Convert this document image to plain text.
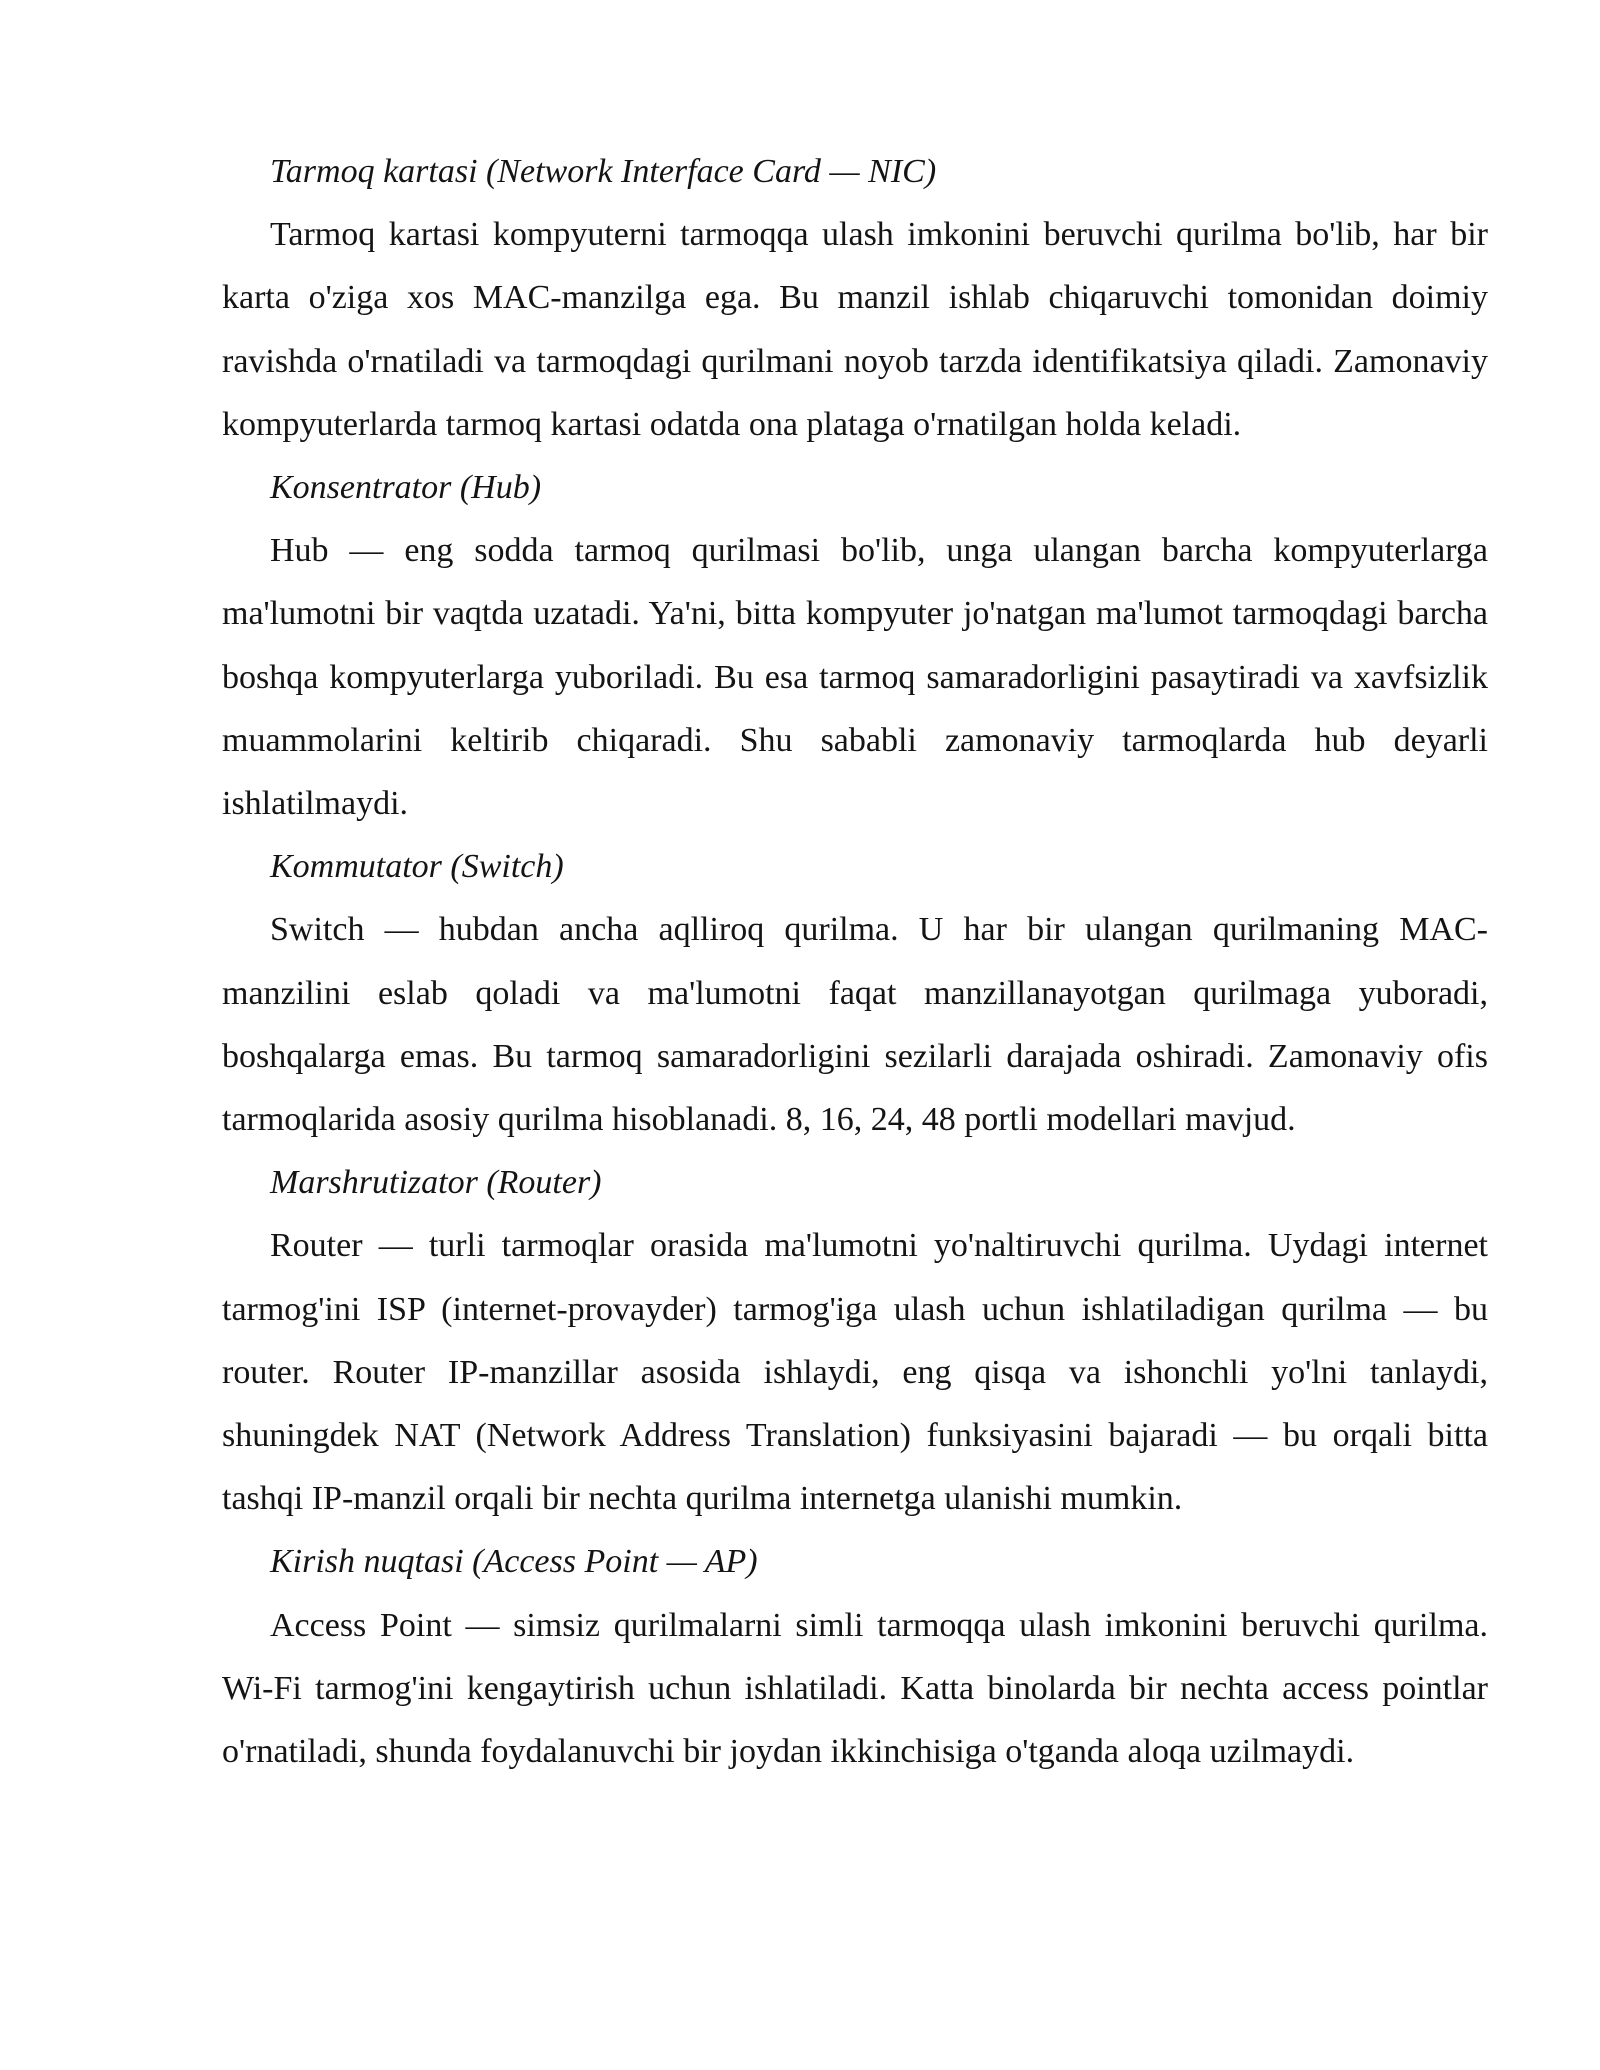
Tarmoq kartasi (Network Interface Card — NIC)

Tarmoq kartasi kompyuterni tarmoqqa ulash imkonini beruvchi qurilma bo'lib, har bir karta o'ziga xos MAC-manzilga ega. Bu manzil ishlab chiqaruvchi tomonidan doimiy ravishda o'rnatiladi va tarmoqdagi qurilmani noyob tarzda identifikatsiya qiladi. Zamonaviy kompyuterlarda tarmoq kartasi odatda ona plataga o'rnatilgan holda keladi.

Konsentrator (Hub)

Hub — eng sodda tarmoq qurilmasi bo'lib, unga ulangan barcha kompyuterlarga ma'lumotni bir vaqtda uzatadi. Ya'ni, bitta kompyuter jo'natgan ma'lumot tarmoqdagi barcha boshqa kompyuterlarga yuboriladi. Bu esa tarmoq samaradorligini pasaytiradi va xavfsizlik muammolarini keltirib chiqaradi. Shu sababli zamonaviy tarmoqlarda hub deyarli ishlatilmaydi.

Kommutator (Switch)

Switch — hubdan ancha aqlliroq qurilma. U har bir ulangan qurilmaning MAC-manzilini eslab qoladi va ma'lumotni faqat manzillanayotgan qurilmaga yuboradi, boshqalarga emas. Bu tarmoq samaradorligini sezilarli darajada oshiradi. Zamonaviy ofis tarmoqlarida asosiy qurilma hisoblanadi. 8, 16, 24, 48 portli modellari mavjud.

Marshrutizator (Router)

Router — turli tarmoqlar orasida ma'lumotni yo'naltiruvchi qurilma. Uydagi internet tarmog'ini ISP (internet-provayder) tarmog'iga ulash uchun ishlatiladigan qurilma — bu router. Router IP-manzillar asosida ishlaydi, eng qisqa va ishonchli yo'lni tanlaydi, shuningdek NAT (Network Address Translation) funksiyasini bajaradi — bu orqali bitta tashqi IP-manzil orqali bir nechta qurilma internetga ulanishi mumkin.

Kirish nuqtasi (Access Point — AP)

Access Point — simsiz qurilmalarni simli tarmoqqa ulash imkonini beruvchi qurilma. Wi-Fi tarmog'ini kengaytirish uchun ishlatiladi. Katta binolarda bir nechta access pointlar o'rnatiladi, shunda foydalanuvchi bir joydan ikkinchisiga o'tganda aloqa uzilmaydi.
